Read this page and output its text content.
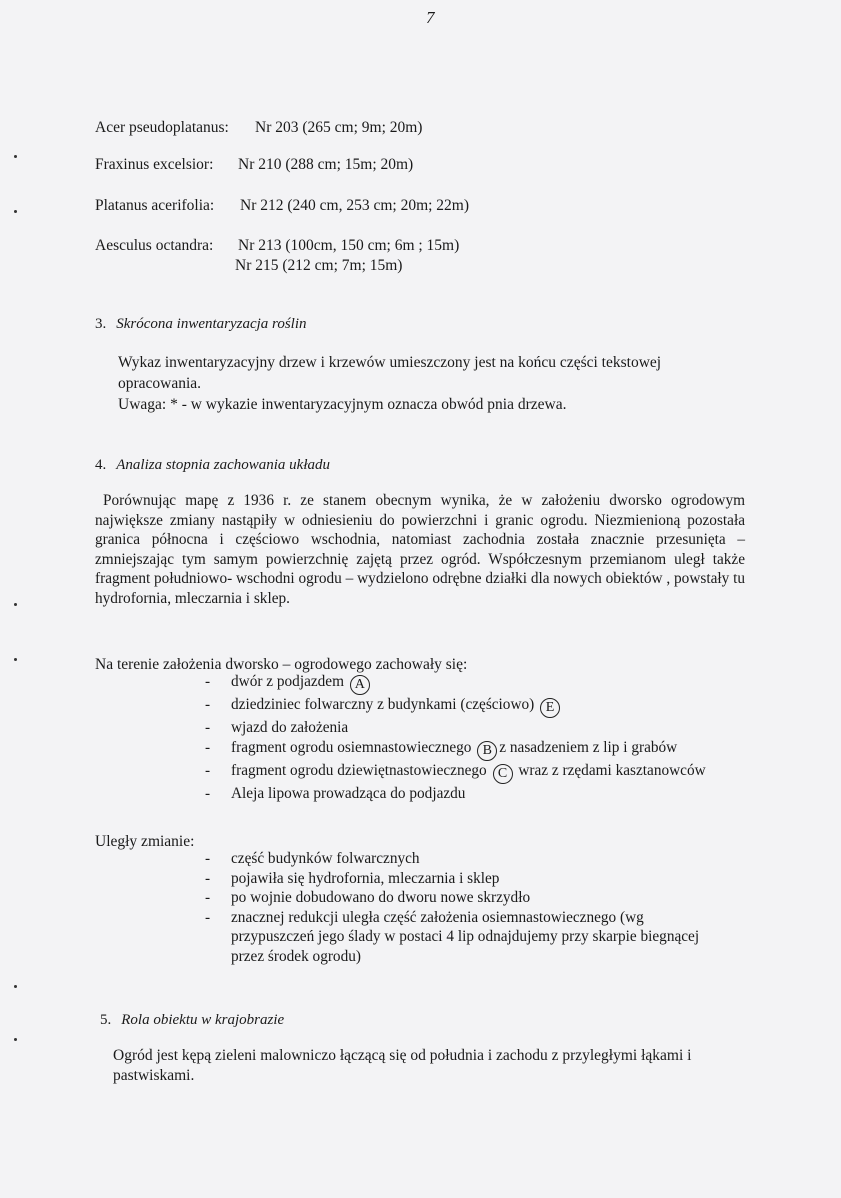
7
Acer pseudoplatanus: Nr 203 (265 cm; 9m; 20m)
Fraxinus excelsior: Nr 210 (288 cm; 15m; 20m)
Platanus acerifolia: Nr 212 (240 cm, 253 cm; 20m; 22m)
Aesculus octandra: Nr 213 (100cm, 150 cm; 6m ; 15m)
Nr 215 (212 cm; 7m; 15m)
3. Skrócona inwentaryzacja roślin
Wykaz inwentaryzacyjny drzew i krzewów umieszczony jest na końcu części tekstowej
opracowania.
Uwaga: * - w wykazie inwentaryzacyjnym oznacza obwód pnia drzewa.
4. Analiza stopnia zachowania układu

Porównując mapę z 1936 r. ze stanem obecnym wynika, że w założeniu dworsko ogrodowym największe zmiany nastąpiły w odniesieniu do powierzchni i granic ogrodu. Niezmienioną pozostała granica północna i częściowo wschodnia, natomiast zachodnia została znacznie przesunięta – zmniejszając tym samym powierzchnię zajętą przez ogród. Współczesnym przemianom uległ także fragment południowo- wschodni ogrodu – wydzielono odrębne działki dla nowych obiektów , powstały tu hydrofornia, mleczarnia i sklep.

Na terenie założenia dworsko – ogrodowego zachowały się:
-	dwór z podjazdem A
-	dziedziniec folwarczny z budynkami (częściowo) E
-	wjazd do założenia
-	fragment ogrodu osiemnastowiecznego B z nasadzeniem z lip i grabów
-	fragment ogrodu dziewiętnastowiecznego C wraz z rzędami kasztanowców
-	Aleja lipowa prowadząca do podjazdu
Uległy zmianie:
-	część budynków folwarcznych
-	pojawiła się hydrofornia, mleczarnia i sklep
-	po wojnie dobudowano do dworu nowe skrzydło
-	znacznej redukcji uległa część założenia osiemnastowiecznego (wg przypuszczeń jego ślady w postaci 4 lip odnajdujemy przy skarpie biegnącej przez środek ogrodu)
5. Rola obiektu w krajobrazie
Ogród jest kępą zieleni malowniczo łączącą się od południa i zachodu z przyległymi łąkami i pastwiskami.
